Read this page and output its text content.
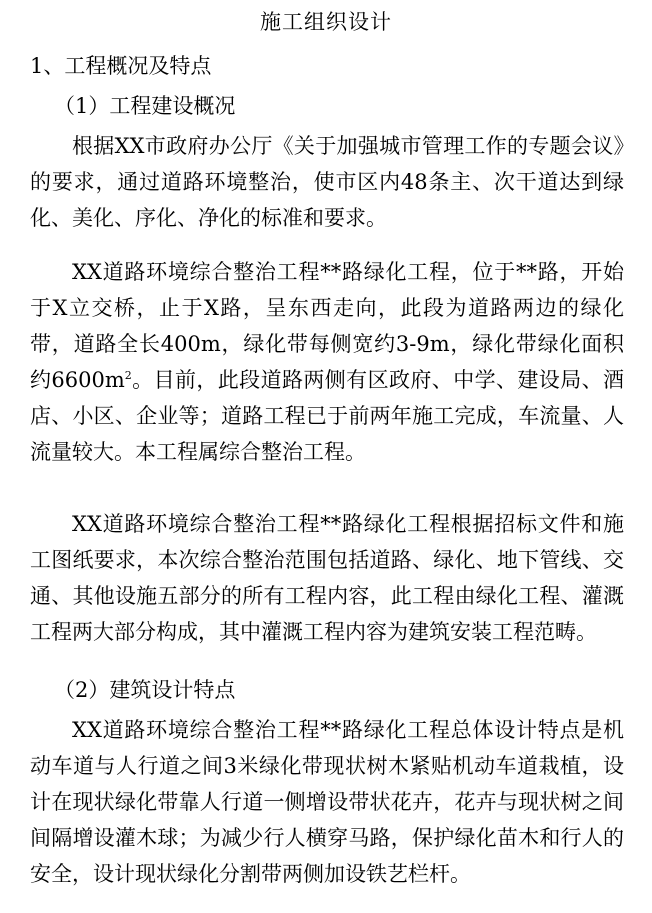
施工组织设计
1、工程概况及特点
（1）工程建设概况

根据XX市政府办公厅《关于加强城市管理工作的专题会议》的要求，通过道路环境整治，使市区内48条主、次干道达到绿化、美化、序化、净化的标准和要求。

XX道路环境综合整治工程**路绿化工程，位于**路，开始于X立交桥，止于X路，呈东西走向，此段为道路两边的绿化带，道路全长400m，绿化带每侧宽约3-9m，绿化带绿化面积约$6600m^2$。目前，此段道路两侧有区政府、中学、建设局、酒店、小区、企业等；道路工程已于前两年施工完成，车流量、人流量较大。本工程属综合整治工程。

XX道路环境综合整治工程**路绿化工程根据招标文件和施工图纸要求，本次综合整治范围包括道路、绿化、地下管线、交通、其他设施五部分的所有工程内容，此工程由绿化工程、灌溉工程两大部分构成，其中灌溉工程内容为建筑安装工程范畴。

（2）建筑设计特点

XX道路环境综合整治工程**路绿化工程总体设计特点是机动车道与人行道之间3米绿化带现状树木紧贴机动车道栽植，设计在现状绿化带靠人行道一侧增设带状花卉，花卉与现状树之间间隔增设灌木球；为减少行人横穿马路，保护绿化苗木和行人的安全，设计现状绿化分割带两侧加设铁艺栏杆。
